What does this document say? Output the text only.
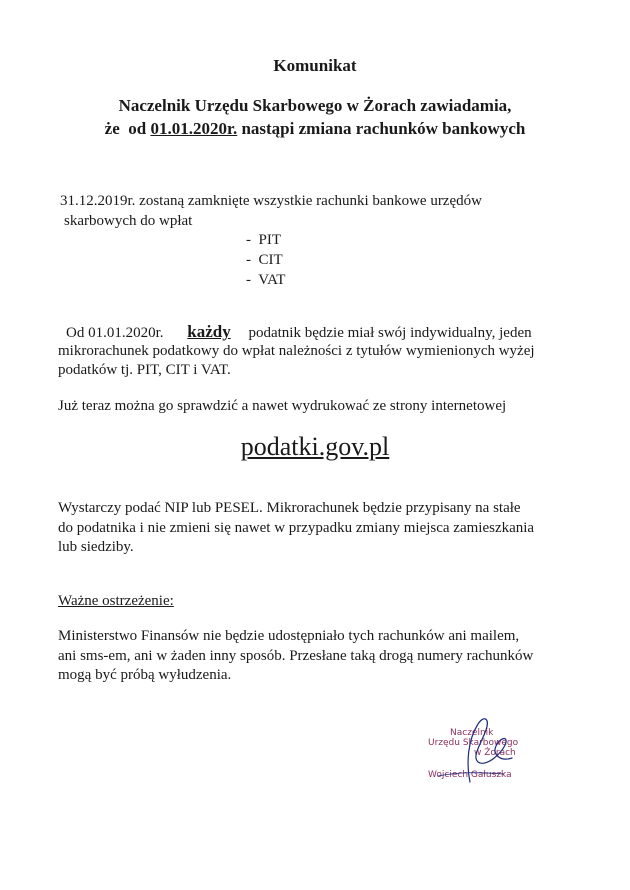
Komunikat
Naczelnik Urzędu Skarbowego w Żorach zawiadamia,
że  od 01.01.2020r. nastąpi zmiana rachunków bankowych
31.12.2019r. zostaną zamknięte wszystkie rachunki bankowe urzędów
skarbowych do wpłat
-  PIT
-  CIT
-  VAT
Od 01.01.2020r. każdy podatnik będzie miał swój indywidualny, jeden
mikrorachunek podatkowy do wpłat należności z tytułów wymienionych wyżej
podatków tj. PIT, CIT i VAT.
Już teraz można go sprawdzić a nawet wydrukować ze strony internetowej
podatki.gov.pl
Wystarczy podać NIP lub PESEL. Mikrorachunek będzie przypisany na stałe
do podatnika i nie zmieni się nawet w przypadku zmiany miejsca zamieszkania
lub siedziby.
Ważne ostrzeżenie:
Ministerstwo Finansów nie będzie udostępniało tych rachunków ani mailem,
ani sms-em, ani w żaden inny sposób. Przesłane taką drogą numery rachunków
mogą być próbą wyłudzenia.
Naczelnik
Urzędu Skarbowego
w Żorach
Wojciech Gałuszka
